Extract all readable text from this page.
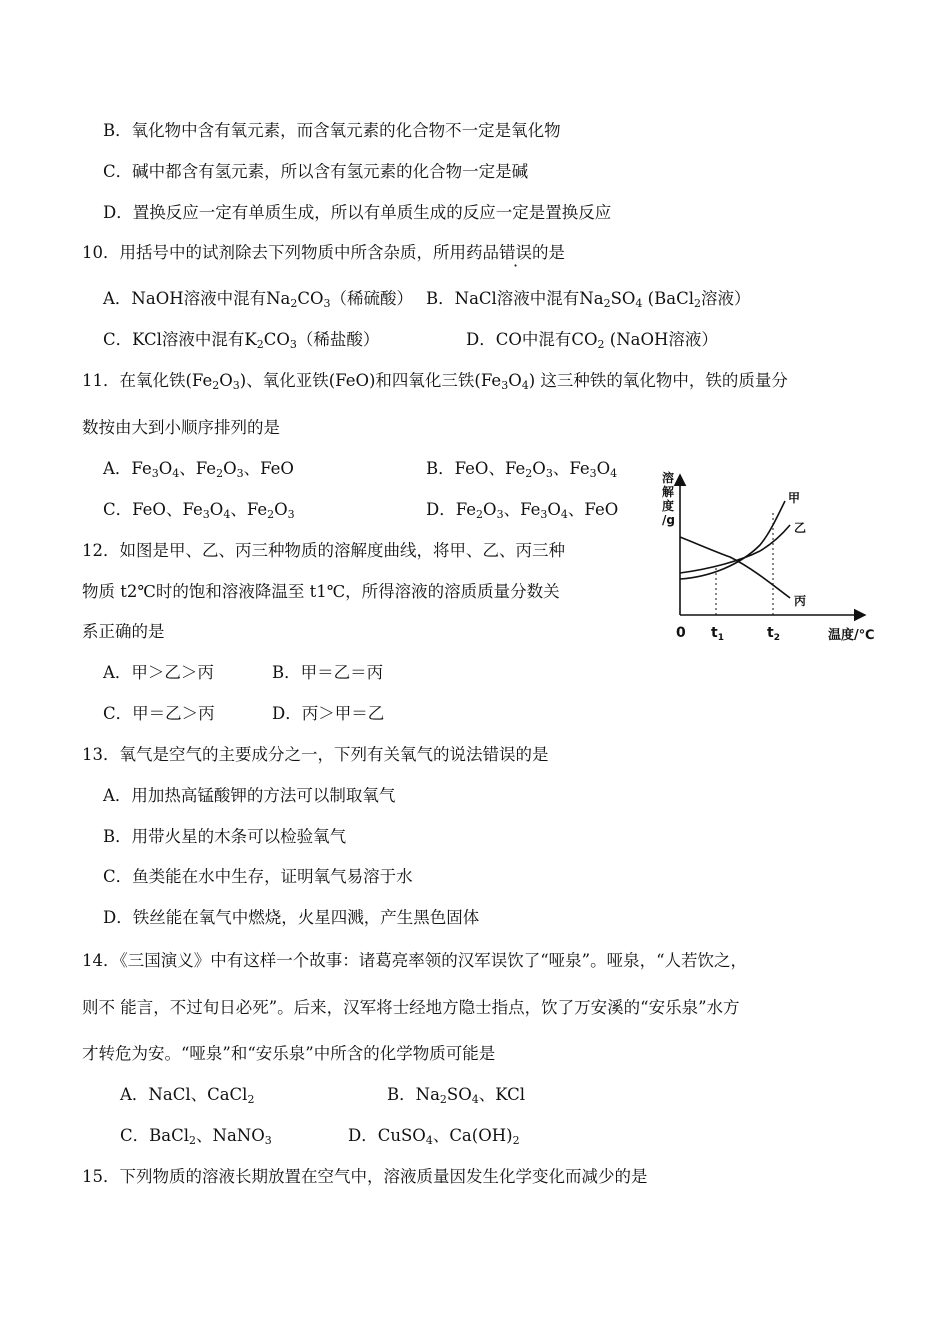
B．氧化物中含有氧元素，而含氧元素的化合物不一定是氧化物
C．碱中都含有氢元素，所以含有氢元素的化合物一定是碱
D．置换反应一定有单质生成，所以有单质生成的反应一定是置换反应
10．用括号中的试剂除去下列物质中所含杂质，所用药品错误的是
A．NaOH溶液中混有$Na_2CO_3$（稀硫酸） B．NaCl溶液中混有$Na_2SO_4$ (BaCl$_2$溶液）
C．KCl溶液中混有$K_2CO_3$（稀盐酸）	D．CO中混有$CO_2$ (NaOH溶液）
11．在氧化铁$(Fe_2O_3)$、氧化亚铁(FeO)和四氧化三铁$(Fe_3O_4)$ 这三种铁的氧化物中，铁的质量分
数按由大到小顺序排列的是
A．$Fe_3O_4$、$Fe_2O_3$、FeO	B．FeO、$Fe_2O_3$、$Fe_3O_4$
C．FeO、$Fe_3O_4$、$Fe_2O_3$	D．$Fe_2O_3$、$Fe_3O_4$、FeO
12．如图是甲、乙、丙三种物质的溶解度曲线，将甲、乙、丙三种
物质 t2℃时的饱和溶液降温至 t1℃，所得溶液的溶质质量分数关
系正确的是
A．甲＞乙＞丙	B．甲＝乙＝丙
C．甲＝乙＞丙	D．丙＞甲＝乙
溶
解
度
/g
甲
乙
丙
0 $t_1$	$t_2$	温度/℃
13．氧气是空气的主要成分之一，下列有关氧气的说法错误的是
A．用加热高锰酸钾的方法可以制取氧气
B．用带火星的木条可以检验氧气
C．鱼类能在水中生存，证明氧气易溶于水
D．铁丝能在氧气中燃烧，火星四溅，产生黑色固体
14．《三国演义》中有这样一个故事：诸葛亮率领的汉军误饮了“哑泉”。哑泉，“人若饮之，
则不 能言，不过旬日必死”。后来，汉军将士经地方隐士指点，饮了万安溪的“安乐泉”水方
才转危为安。“哑泉”和“安乐泉”中所含的化学物质可能是
A．NaCl、CaCl$_2$	B．$Na_2SO_4$、KCl
C．BaCl$_2$、NaNO$_3$	D．CuSO$_4$、$Ca(OH)_2$
15．下列物质的溶液长期放置在空气中，溶液质量因发生化学变化而减少的是
